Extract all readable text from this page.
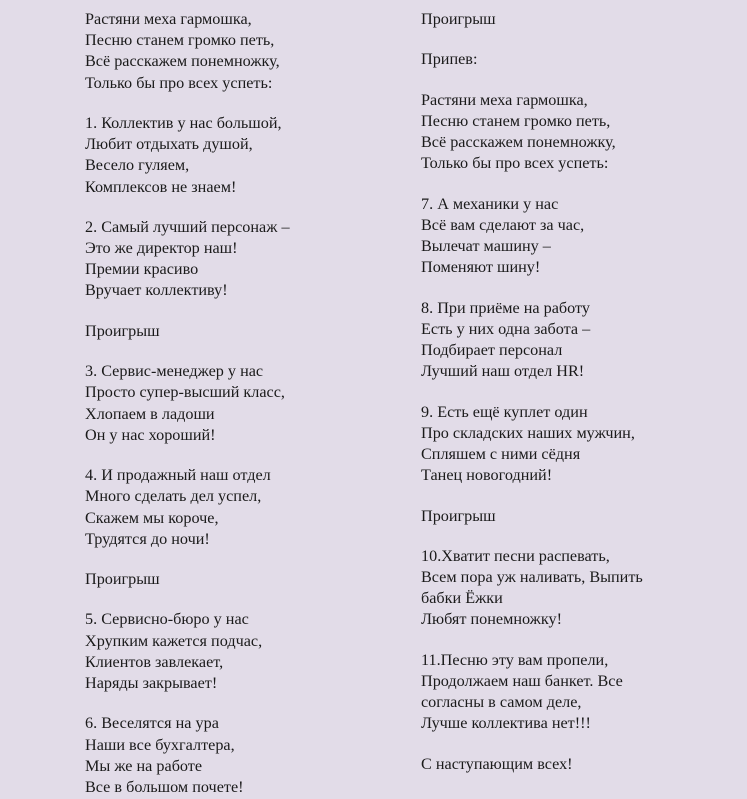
Растяни меха гармошка,
Песню станем громко петь,
Всё расскажем понемножку,
Только бы про всех успеть:
1. Коллектив у нас большой,
Любит отдыхать душой,
Весело гуляем,
Комплексов не знаем!
2. Самый лучший персонаж –
Это же директор наш!
Премии красиво
Вручает коллективу!
Проигрыш
3. Сервис-менеджер у нас
Просто супер-высший класс,
Хлопаем в ладоши
Он у нас хороший!
4. И продажный наш отдел
Много сделать дел успел,
Скажем мы короче,
Трудятся до ночи!
Проигрыш
5. Сервисно-бюро у нас
Хрупким кажется подчас,
Клиентов завлекает,
Наряды закрывает!
6. Веселятся на ура
Наши все бухгалтера,
Мы же на работе
Все в большом почете!
Проигрыш
Припев:
Растяни меха гармошка,
Песню станем громко петь,
Всё расскажем понемножку,
Только бы про всех успеть:
7. А механики у нас
Всё вам сделают за час,
Вылечат машину –
Поменяют шину!
8. При приёме на работу
Есть у них одна забота –
Подбирает персонал
Лучший наш отдел HR!
9. Есть ещё куплет один
Про складских наших мужчин,
Спляшем с ними сёдня
Танец новогодний!
Проигрыш
10.Хватит песни распевать,
Всем пора уж наливать, Выпить
бабки Ёжки
Любят понемножку!
11.Песню эту вам пропели,
Продолжаем наш банкет. Все
согласны в самом деле,
Лучше коллектива нет!!!
С наступающим всех!
